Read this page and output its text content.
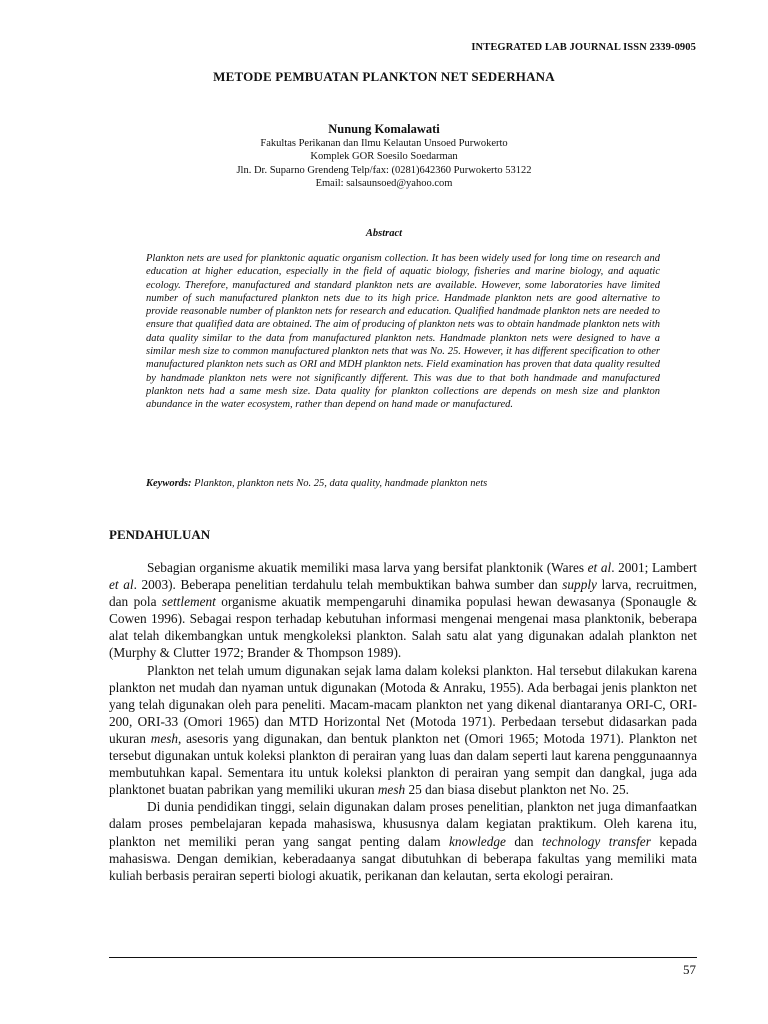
INTEGRATED LAB JOURNAL ISSN 2339-0905
METODE PEMBUATAN PLANKTON NET SEDERHANA
Nunung Komalawati
Fakultas Perikanan dan Ilmu Kelautan Unsoed Purwokerto
Komplek GOR Soesilo Soedarman
Jln. Dr. Suparno Grendeng Telp/fax: (0281)642360 Purwokerto 53122
Email: salsaunsoed@yahoo.com
Abstract

Plankton nets are used for planktonic aquatic organism collection. It has been widely used for long time on research and education at higher education, especially in the field of aquatic biology, fisheries and marine biology, and aquatic ecology. Therefore, manufactured and standard plankton nets are available. However, some laboratories have limited number of such manufactured plankton nets due to its high price. Handmade plankton nets are good alternative to provide reasonable number of plankton nets for research and education. Qualified handmade plankton nets are needed to ensure that qualified data are obtained. The aim of producing of plankton nets was to obtain handmade plankton nets with data quality similar to the data from manufactured plankton nets. Handmade plankton nets were designed to have a similar mesh size to common manufactured plankton nets that was No. 25. However, it has different specification to other manufactured plankton nets such as ORI and MDH plankton nets. Field examination has proven that data quality resulted by handmade plankton nets were not significantly different. This was due to that both handmade and manufactured plankton nets had a same mesh size. Data quality for plankton collections are depends on mesh size and plankton abundance in the water ecosystem, rather than depend on hand made or manufactured.

Keywords: Plankton, plankton nets No. 25, data quality, handmade plankton nets

PENDAHULUAN

Sebagian organisme akuatik memiliki masa larva yang bersifat planktonik (Wares et al. 2001; Lambert et al. 2003). Beberapa penelitian terdahulu telah membuktikan bahwa sumber dan supply larva, recruitmen, dan pola settlement organisme akuatik mempengaruhi dinamika populasi hewan dewasanya (Sponaugle & Cowen 1996). Sebagai respon terhadap kebutuhan informasi mengenai mengenai masa planktonik, beberapa alat telah dikembangkan untuk mengkoleksi plankton. Salah satu alat yang digunakan adalah plankton net (Murphy & Clutter 1972; Brander & Thompson 1989).

Plankton net telah umum digunakan sejak lama dalam koleksi plankton. Hal tersebut dilakukan karena plankton net mudah dan nyaman untuk digunakan (Motoda & Anraku, 1955). Ada berbagai jenis plankton net yang telah digunakan oleh para peneliti. Macam-macam plankton net yang dikenal diantaranya ORI-C, ORI-200, ORI-33 (Omori 1965) dan MTD Horizontal Net (Motoda 1971). Perbedaan tersebut didasarkan pada ukuran mesh, asesoris yang digunakan, dan bentuk plankton net (Omori 1965; Motoda 1971). Plankton net tersebut digunakan untuk koleksi plankton di perairan yang luas dan dalam seperti laut karena penggunaannya membutuhkan kapal. Sementara itu untuk koleksi plankton di perairan yang sempit dan dangkal, juga ada planktonet buatan pabrikan yang memiliki ukuran mesh 25 dan biasa disebut plankton net No. 25.

Di dunia pendidikan tinggi, selain digunakan dalam proses penelitian, plankton net juga dimanfaatkan dalam proses pembelajaran kepada mahasiswa, khususnya dalam kegiatan praktikum. Oleh karena itu, plankton net memiliki peran yang sangat penting dalam knowledge dan technology transfer kepada mahasiswa. Dengan demikian, keberadaanya sangat dibutuhkan di beberapa fakultas yang memiliki mata kuliah berbasis perairan seperti biologi akuatik, perikanan dan kelautan, serta ekologi perairan.

57
